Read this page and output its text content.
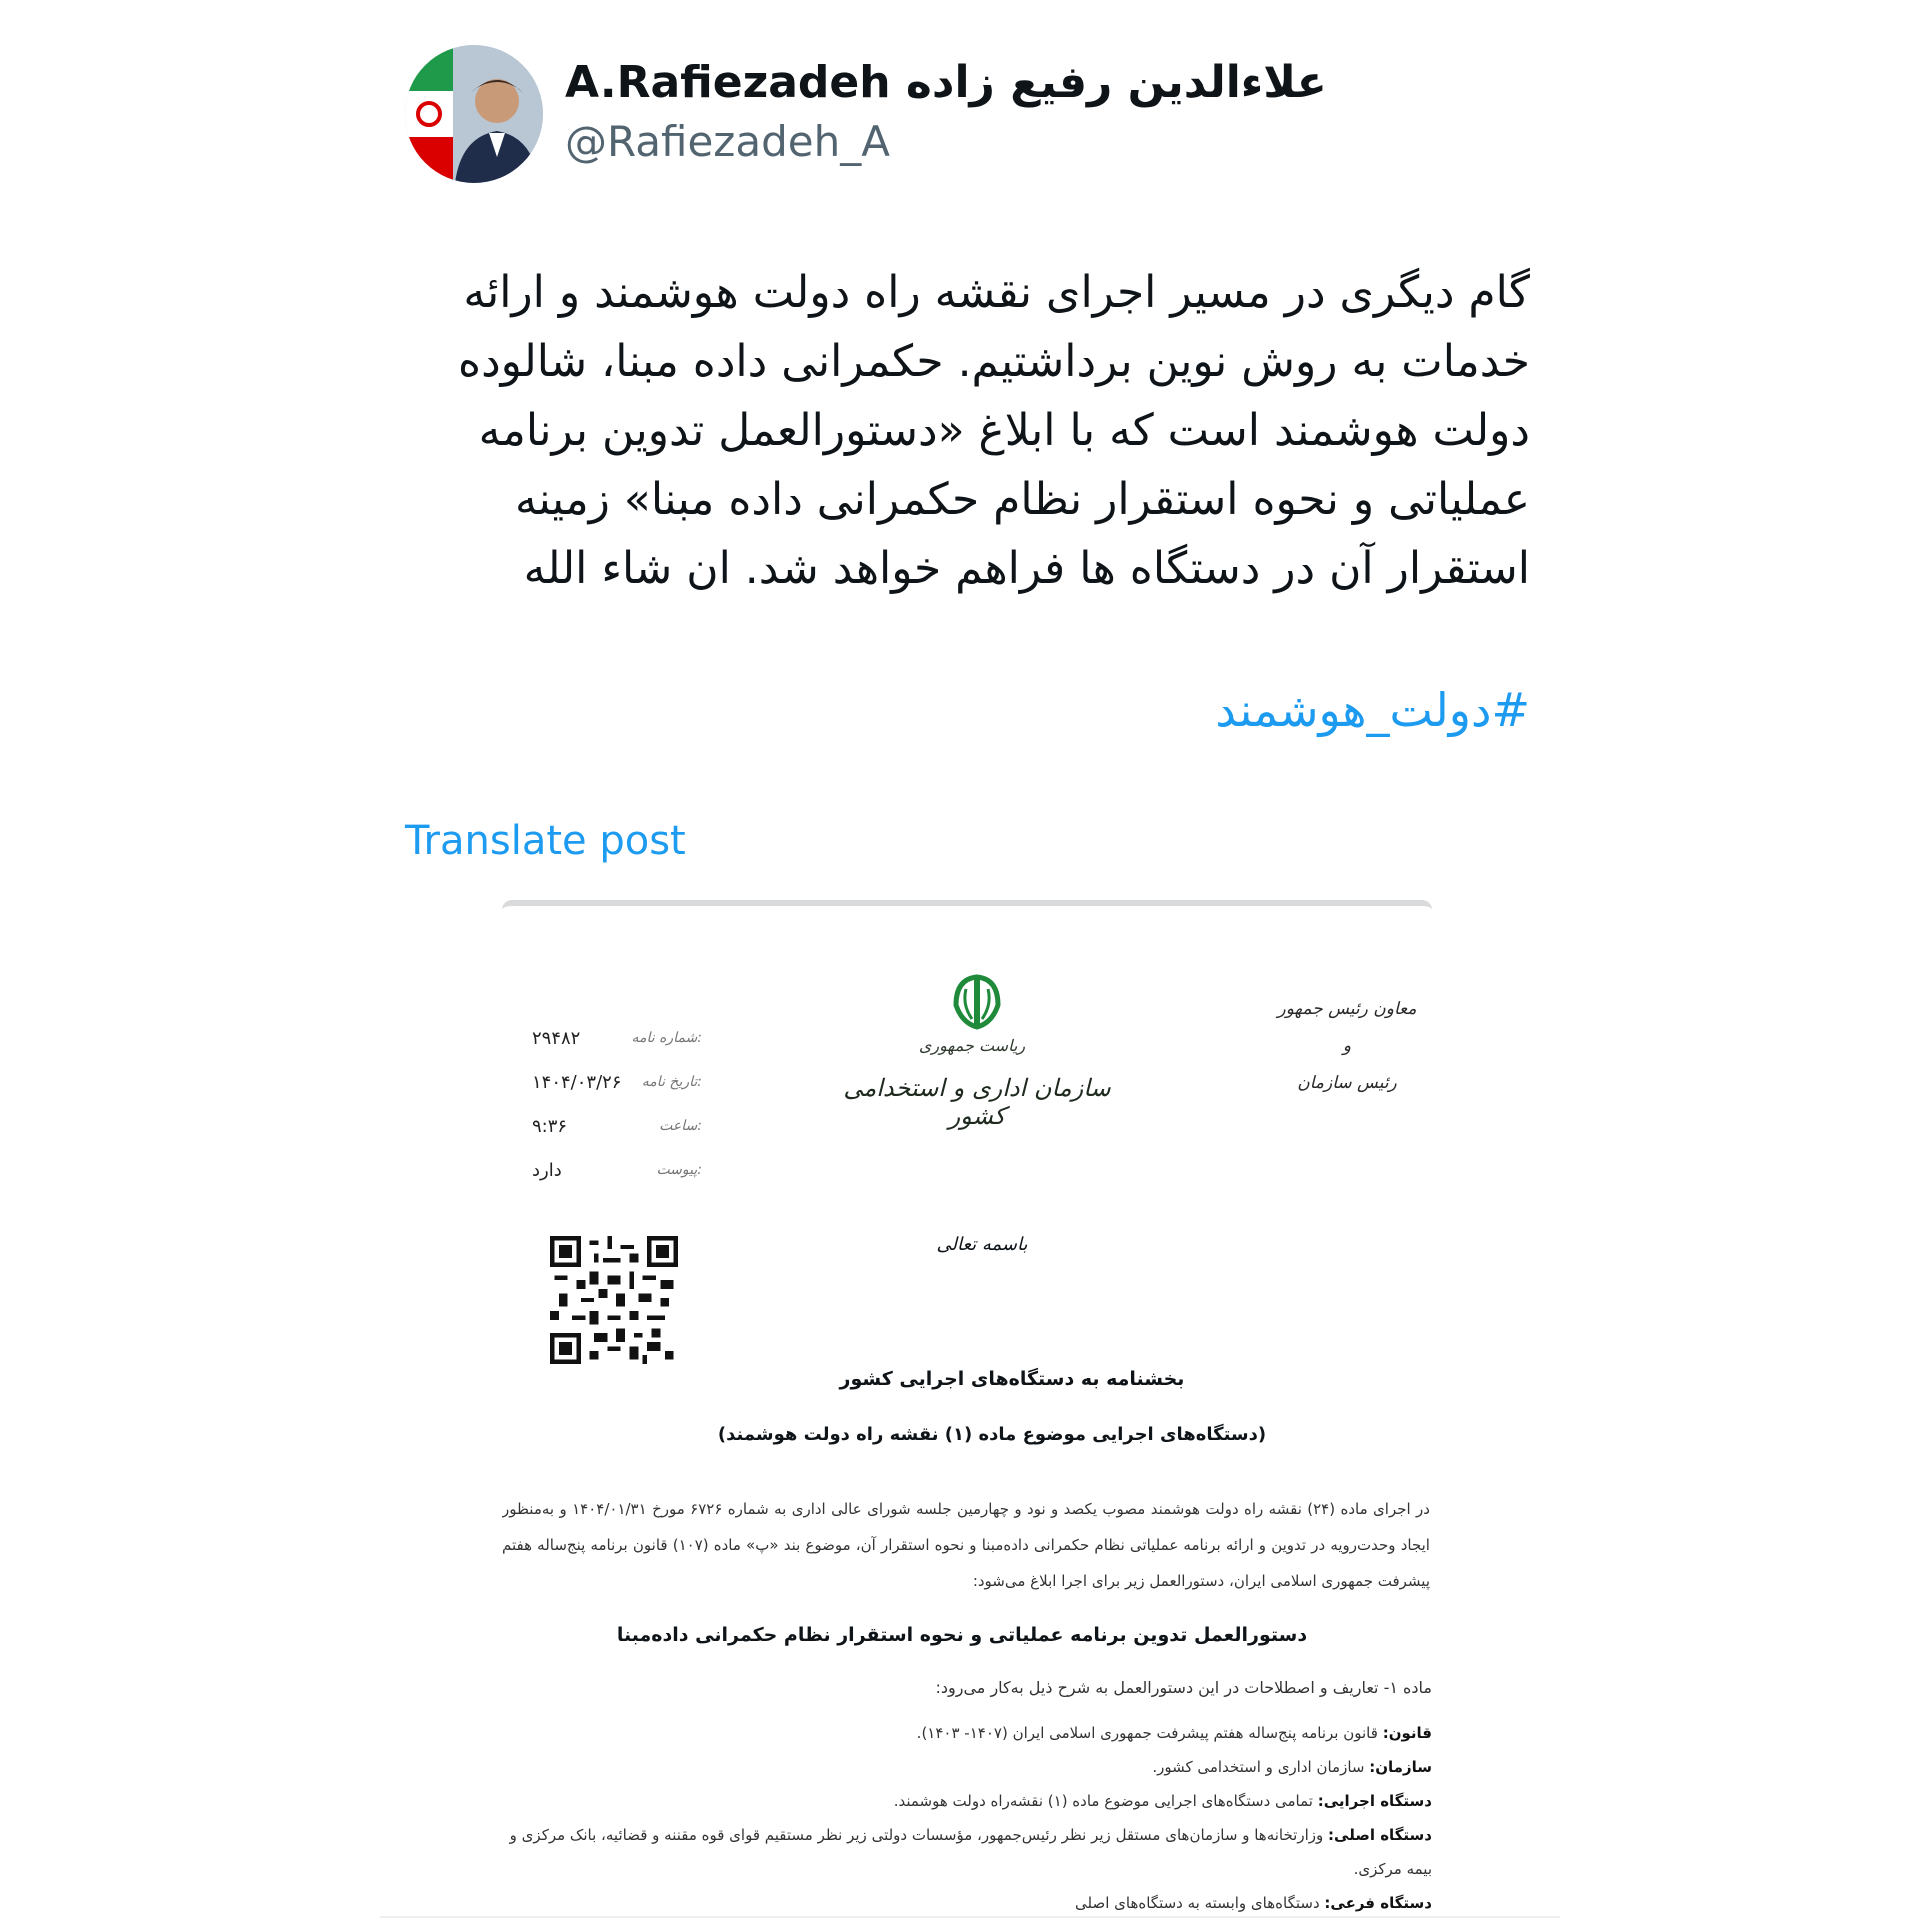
A.Rafiezadeh علاءالدین رفیع زاده
@Rafiezadeh_A

گام دیگری در مسیر اجرای نقشه راه دولت هوشمند و ارائه خدمات به روش نوین برداشتیم. حکمرانی داده مبنا، شالوده دولت هوشمند است که با ابلاغ «دستورالعمل تدوین برنامه عملیاتی و نحوه استقرار نظام حکمرانی داده مبنا» زمینه استقرار آن در دستگاه ها فراهم خواهد شد. ان شاء الله

#دولت_هوشمند
Translate post
۲۹۴۸۲	شماره نامه:
۱۴۰۴/۰۳/۲۶ تاریخ نامه:
۹:۳۶	ساعت:
دارد	پیوست:
ریاست جمهوری
سازمان اداری و استخدامی کشور
معاون رئیس جمهور
و
رئیس سازمان
باسمه تعالی
بخشنامه به دستگاه‌های اجرایی کشور
(دستگاه‌های اجرایی موضوع ماده (۱) نقشه راه دولت هوشمند)
در اجرای ماده (۲۴) نقشه راه دولت هوشمند مصوب یکصد و نود و چهارمین جلسه شورای عالی اداری به شماره ۶۷۲۶ مورخ ۱۴۰۴/۰۱/۳۱ و به‌منظور ایجاد وحدت‌رویه در تدوین و ارائه برنامه عملیاتی نظام حکمرانی داده‌مبنا و نحوه استقرار آن، موضوع بند «پ» ماده (۱۰۷) قانون برنامه پنج‌ساله هفتم پیشرفت جمهوری اسلامی ایران، دستورالعمل زیر برای اجرا ابلاغ می‌شود:
دستورالعمل تدوین برنامه عملیاتی و نحوه استقرار نظام حکمرانی داده‌مبنا
ماده ۱- تعاریف و اصطلاحات در این دستورالعمل به شرح ذیل به‌کار می‌رود:
قانون: قانون برنامه پنج‌ساله هفتم پیشرفت جمهوری اسلامی ایران (۱۴۰۷- ۱۴۰۳).
سازمان: سازمان اداری و استخدامی کشور.
دستگاه اجرایی: تمامی دستگاه‌های اجرایی موضوع ماده (۱) نقشه‌راه دولت هوشمند.
دستگاه اصلی: وزارتخانه‌ها و سازمان‌های مستقل زیر نظر رئیس‌جمهور، مؤسسات دولتی زیر نظر مستقیم قوای قوه مقننه و قضائیه، بانک مرکزی و بیمه مرکزی.
دستگاه فرعی: دستگاه‌های وابسته به دستگاه‌های اصلی
